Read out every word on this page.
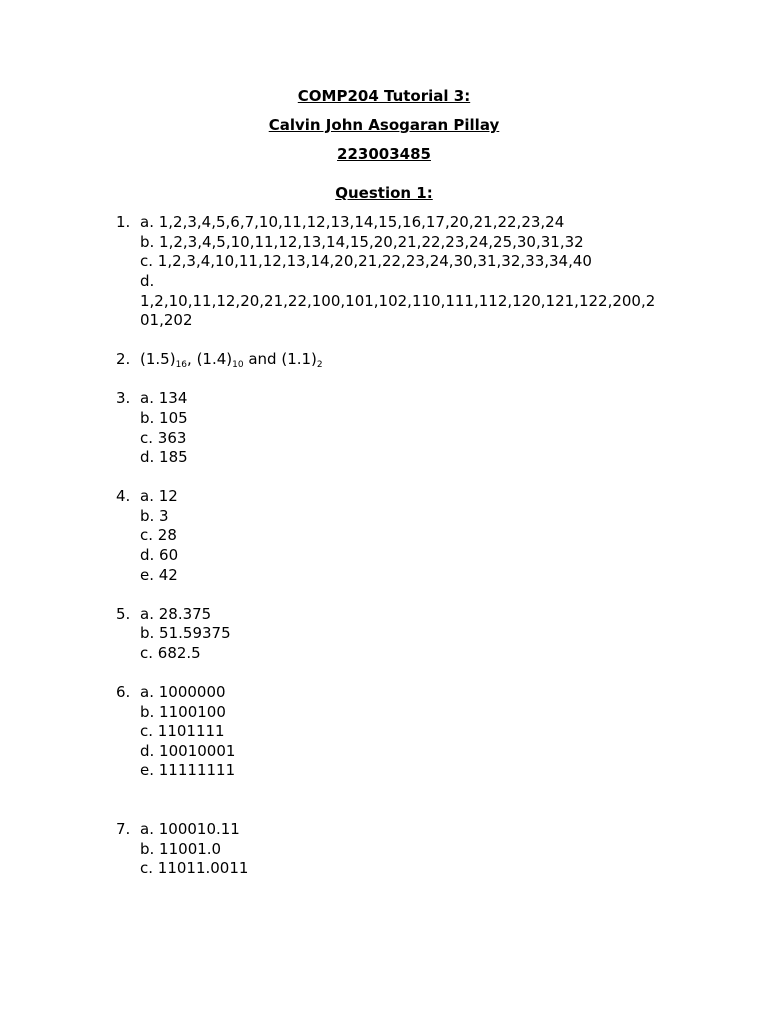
COMP204 Tutorial 3:
Calvin John Asogaran Pillay
223003485
Question 1:
1. a. 1,2,3,4,5,6,7,10,11,12,13,14,15,16,17,20,21,22,23,24
b. 1,2,3,4,5,10,11,12,13,14,15,20,21,22,23,24,25,30,31,32
c. 1,2,3,4,10,11,12,13,14,20,21,22,23,24,30,31,32,33,34,40
d.
1,2,10,11,12,20,21,22,100,101,102,110,111,112,120,121,122,200,2
01,202
2. $(1.5)_{16}$, $(1.4)_{10}$ and $(1.1)_2$
3. a. 134
b. 105
c. 363
d. 185
4. a. 12
b. 3
c. 28
d. 60
e. 42
5. a. 28.375
b. 51.59375
c. 682.5
6. a. 1000000
b. 1100100
c. 1101111
d. 10010001
e. 11111111
7. a. 100010.11
b. 11001.0
c. 11011.0011
